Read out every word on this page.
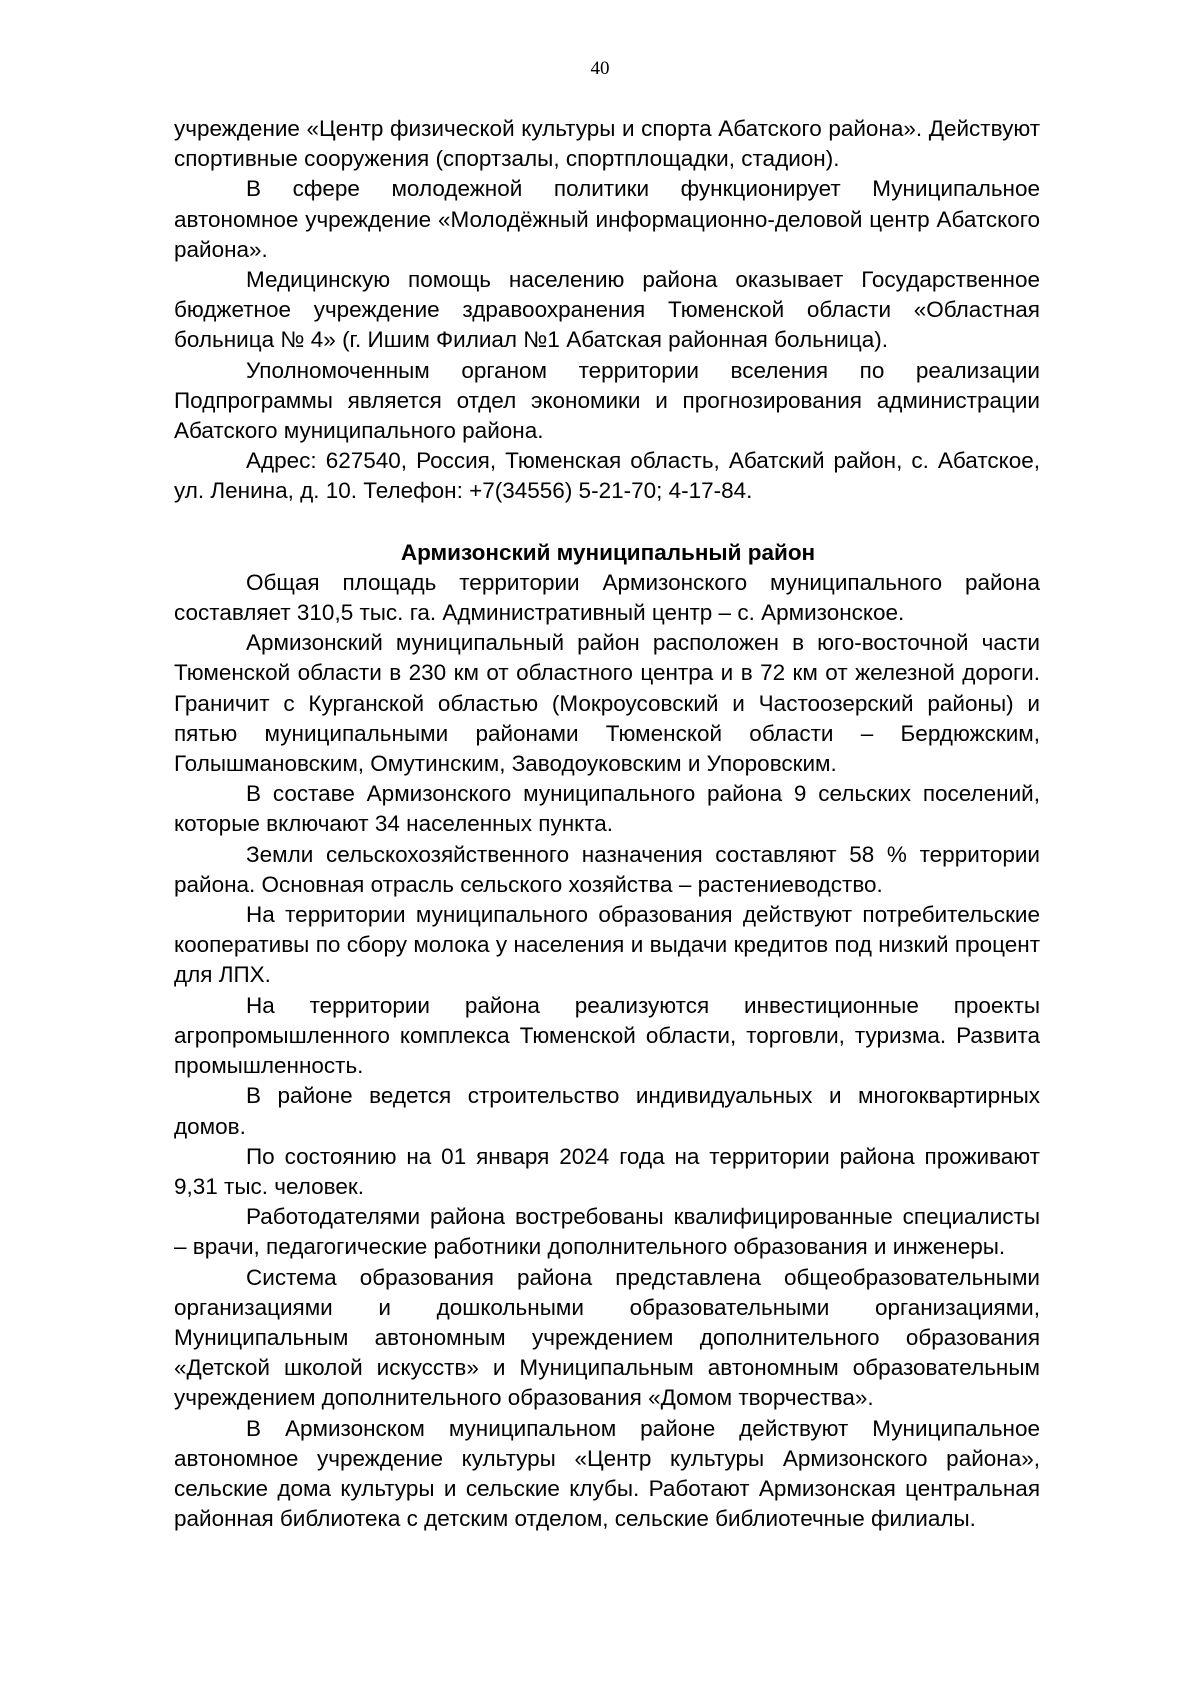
40

учреждение «Центр физической культуры и спорта Абатского района». Действуют спортивные сооружения (спортзалы, спортплощадки, стадион).

В сфере молодежной политики функционирует Муниципальное автономное учреждение «Молодёжный информационно-деловой центр Абатского района».

Медицинскую помощь населению района оказывает Государственное бюджетное учреждение здравоохранения Тюменской области «Областная больница № 4» (г. Ишим Филиал №1 Абатская районная больница).

Уполномоченным органом территории вселения по реализации Подпрограммы является отдел экономики и прогнозирования администрации Абатского муниципального района.

Адрес: 627540, Россия, Тюменская область, Абатский район, с. Абатское, ул. Ленина, д. 10. Телефон: +7(34556) 5-21-70; 4-17-84.

Армизонский муниципальный район

Общая площадь территории Армизонского муниципального района составляет 310,5 тыс. га. Административный центр – с. Армизонское.

Армизонский муниципальный район расположен в юго-восточной части Тюменской области в 230 км от областного центра и в 72 км от железной дороги. Граничит с Курганской областью (Мокроусовский и Частоозерский районы) и пятью муниципальными районами Тюменской области – Бердюжским, Голышмановским, Омутинским, Заводоуковским и Упоровским.

В составе Армизонского муниципального района 9 сельских поселений, которые включают 34 населенных пункта.

Земли сельскохозяйственного назначения составляют 58 % территории района. Основная отрасль сельского хозяйства – растениеводство.

На территории муниципального образования действуют потребительские кооперативы по сбору молока у населения и выдачи кредитов под низкий процент для ЛПХ.

На территории района реализуются инвестиционные проекты агропромышленного комплекса Тюменской области, торговли, туризма. Развита промышленность.

В районе ведется строительство индивидуальных и многоквартирных домов.

По состоянию на 01 января 2024 года на территории района проживают 9,31 тыс. человек.

Работодателями района востребованы квалифицированные специалисты – врачи, педагогические работники дополнительного образования и инженеры.

Система образования района представлена общеобразовательными организациями и дошкольными образовательными организациями, Муниципальным автономным учреждением дополнительного образования «Детской школой искусств» и Муниципальным автономным образовательным учреждением дополнительного образования «Домом творчества».

В Армизонском муниципальном районе действуют Муниципальное автономное учреждение культуры «Центр культуры Армизонского района», сельские дома культуры и сельские клубы. Работают Армизонская центральная районная библиотека с детским отделом, сельские библиотечные филиалы.
